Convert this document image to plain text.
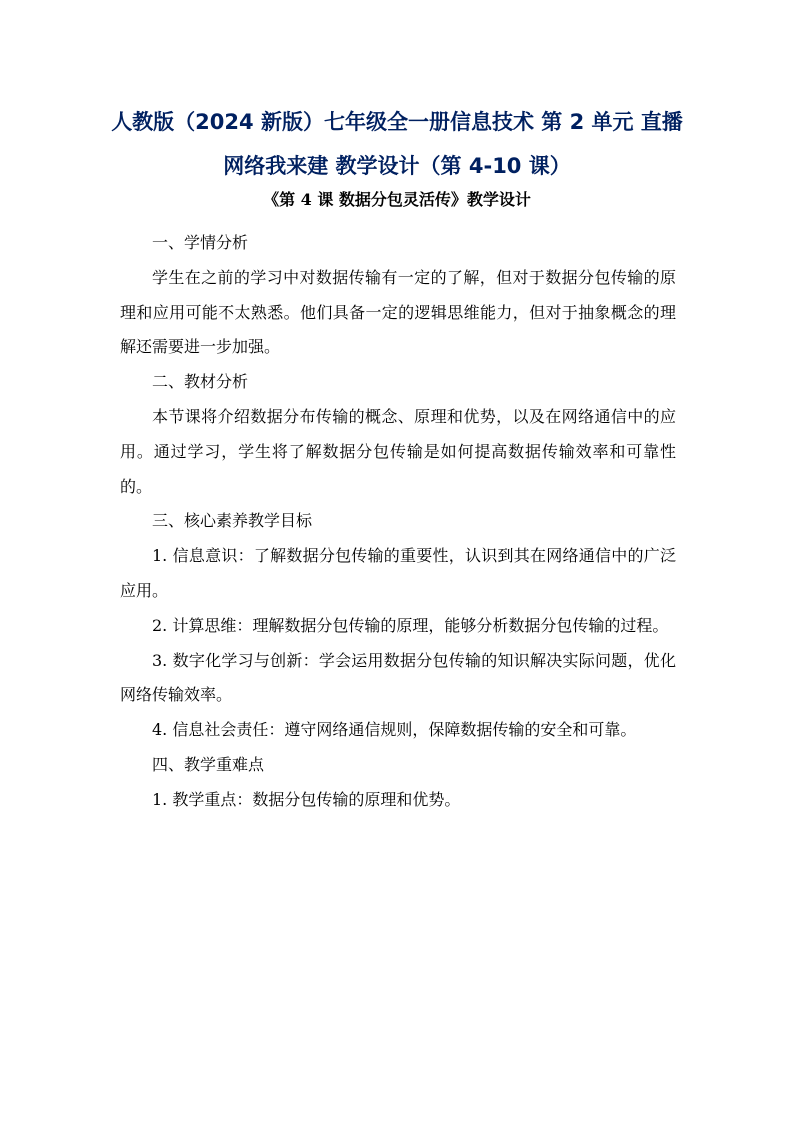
人教版（2024 新版）七年级全一册信息技术 第 2 单元 直播网络我来建 教学设计（第 4-10 课）
《第 4 课 数据分包灵活传》教学设计

一、学情分析

学生在之前的学习中对数据传输有一定的了解，但对于数据分包传输的原理和应用可能不太熟悉。他们具备一定的逻辑思维能力，但对于抽象概念的理解还需要进一步加强。

二、教材分析

本节课将介绍数据分布传输的概念、原理和优势，以及在网络通信中的应用。通过学习，学生将了解数据分包传输是如何提高数据传输效率和可靠性的。

三、核心素养教学目标

1. 信息意识：了解数据分包传输的重要性，认识到其在网络通信中的广泛应用。

2. 计算思维：理解数据分包传输的原理，能够分析数据分包传输的过程。

3. 数字化学习与创新：学会运用数据分包传输的知识解决实际问题，优化网络传输效率。

4. 信息社会责任：遵守网络通信规则，保障数据传输的安全和可靠。

四、教学重难点

1. 教学重点：数据分包传输的原理和优势。
